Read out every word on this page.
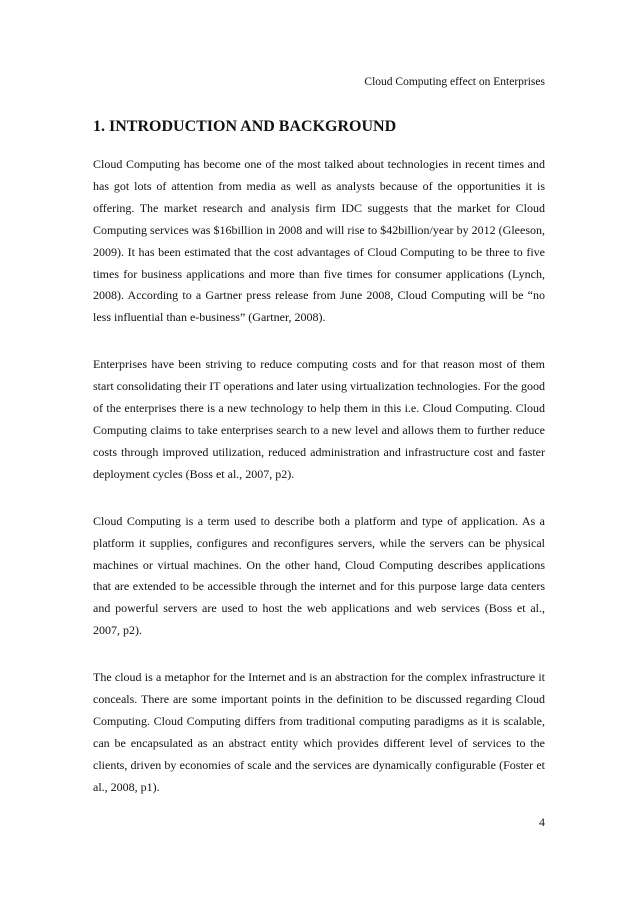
Cloud Computing effect on Enterprises
1. INTRODUCTION AND BACKGROUND

Cloud Computing has become one of the most talked about technologies in recent times and has got lots of attention from media as well as analysts because of the opportunities it is offering. The market research and analysis firm IDC suggests that the market for Cloud Computing services was $16billion in 2008 and will rise to $42billion/year by 2012 (Gleeson, 2009). It has been estimated that the cost advantages of Cloud Computing to be three to five times for business applications and more than five times for consumer applications (Lynch, 2008). According to a Gartner press release from June 2008, Cloud Computing will be “no less influential than e-business” (Gartner, 2008).

Enterprises have been striving to reduce computing costs and for that reason most of them start consolidating their IT operations and later using virtualization technologies. For the good of the enterprises there is a new technology to help them in this i.e. Cloud Computing. Cloud Computing claims to take enterprises search to a new level and allows them to further reduce costs through improved utilization, reduced administration and infrastructure cost and faster deployment cycles (Boss et al., 2007, p2).

Cloud Computing is a term used to describe both a platform and type of application. As a platform it supplies, configures and reconfigures servers, while the servers can be physical machines or virtual machines. On the other hand, Cloud Computing describes applications that are extended to be accessible through the internet and for this purpose large data centers and powerful servers are used to host the web applications and web services (Boss et al., 2007, p2).

The cloud is a metaphor for the Internet and is an abstraction for the complex infrastructure it conceals. There are some important points in the definition to be discussed regarding Cloud Computing. Cloud Computing differs from traditional computing paradigms as it is scalable, can be encapsulated as an abstract entity which provides different level of services to the clients, driven by economies of scale and the services are dynamically configurable (Foster et al., 2008, p1).

4
